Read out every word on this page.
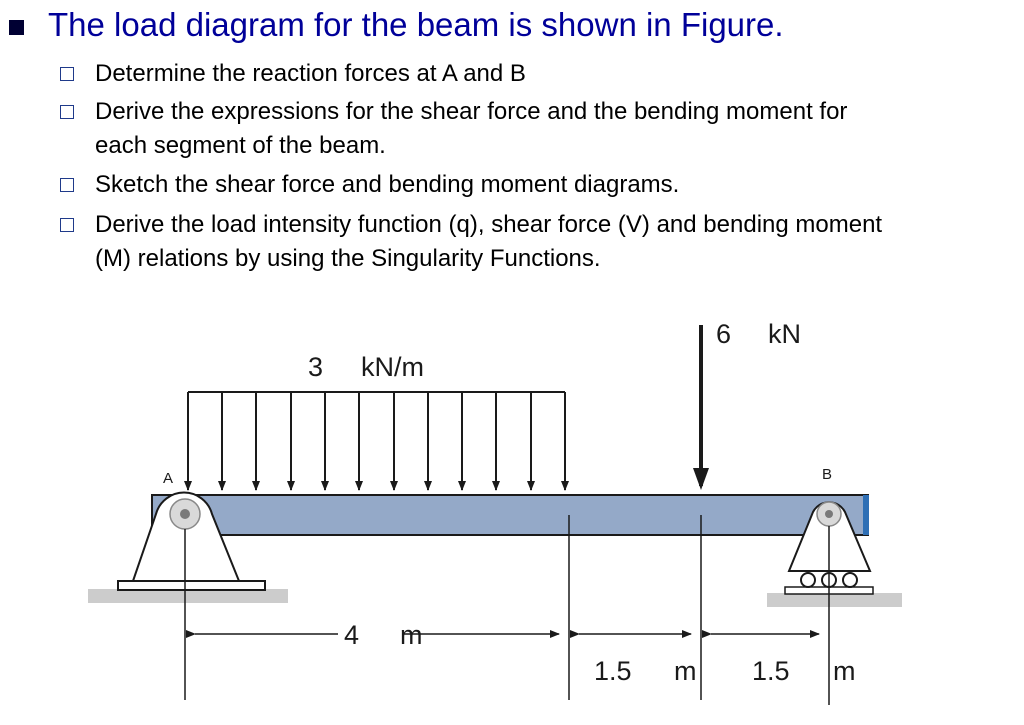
The load diagram for the beam is shown in Figure.
Determine the reaction forces at A and B
Derive the expressions for the shear force and the bending moment for
each segment of the beam.
Sketch the shear force and bending moment diagrams.
Derive the load intensity function (q), shear force (V) and bending moment
(M) relations by using the Singularity Functions.
3 kN/m
6 kN
A	B
4 m
1.5 m 1.5 m
